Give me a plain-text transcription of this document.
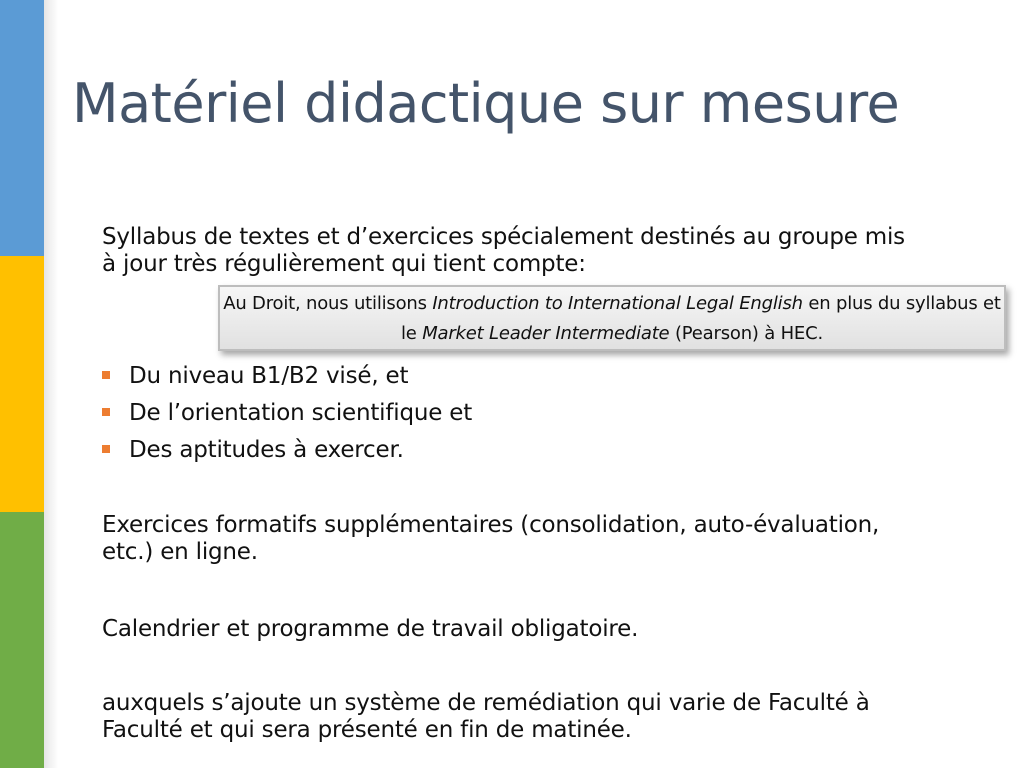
Matériel didactique sur mesure

Syllabus de textes et d’exercices spécialement destinés au groupe mis à jour très régulièrement qui tient compte:

Au Droit, nous utilisons Introduction to International Legal English en plus du syllabus et le Market Leader Intermediate (Pearson) à HEC.
Du niveau B1/B2 visé, et
De l’orientation scientifique et
Des aptitudes à exercer.

Exercices formatifs supplémentaires (consolidation, auto-évaluation, etc.) en ligne.

Calendrier et programme de travail obligatoire.

auxquels s’ajoute un système de remédiation qui varie de Faculté à Faculté et qui sera présenté en fin de matinée.
